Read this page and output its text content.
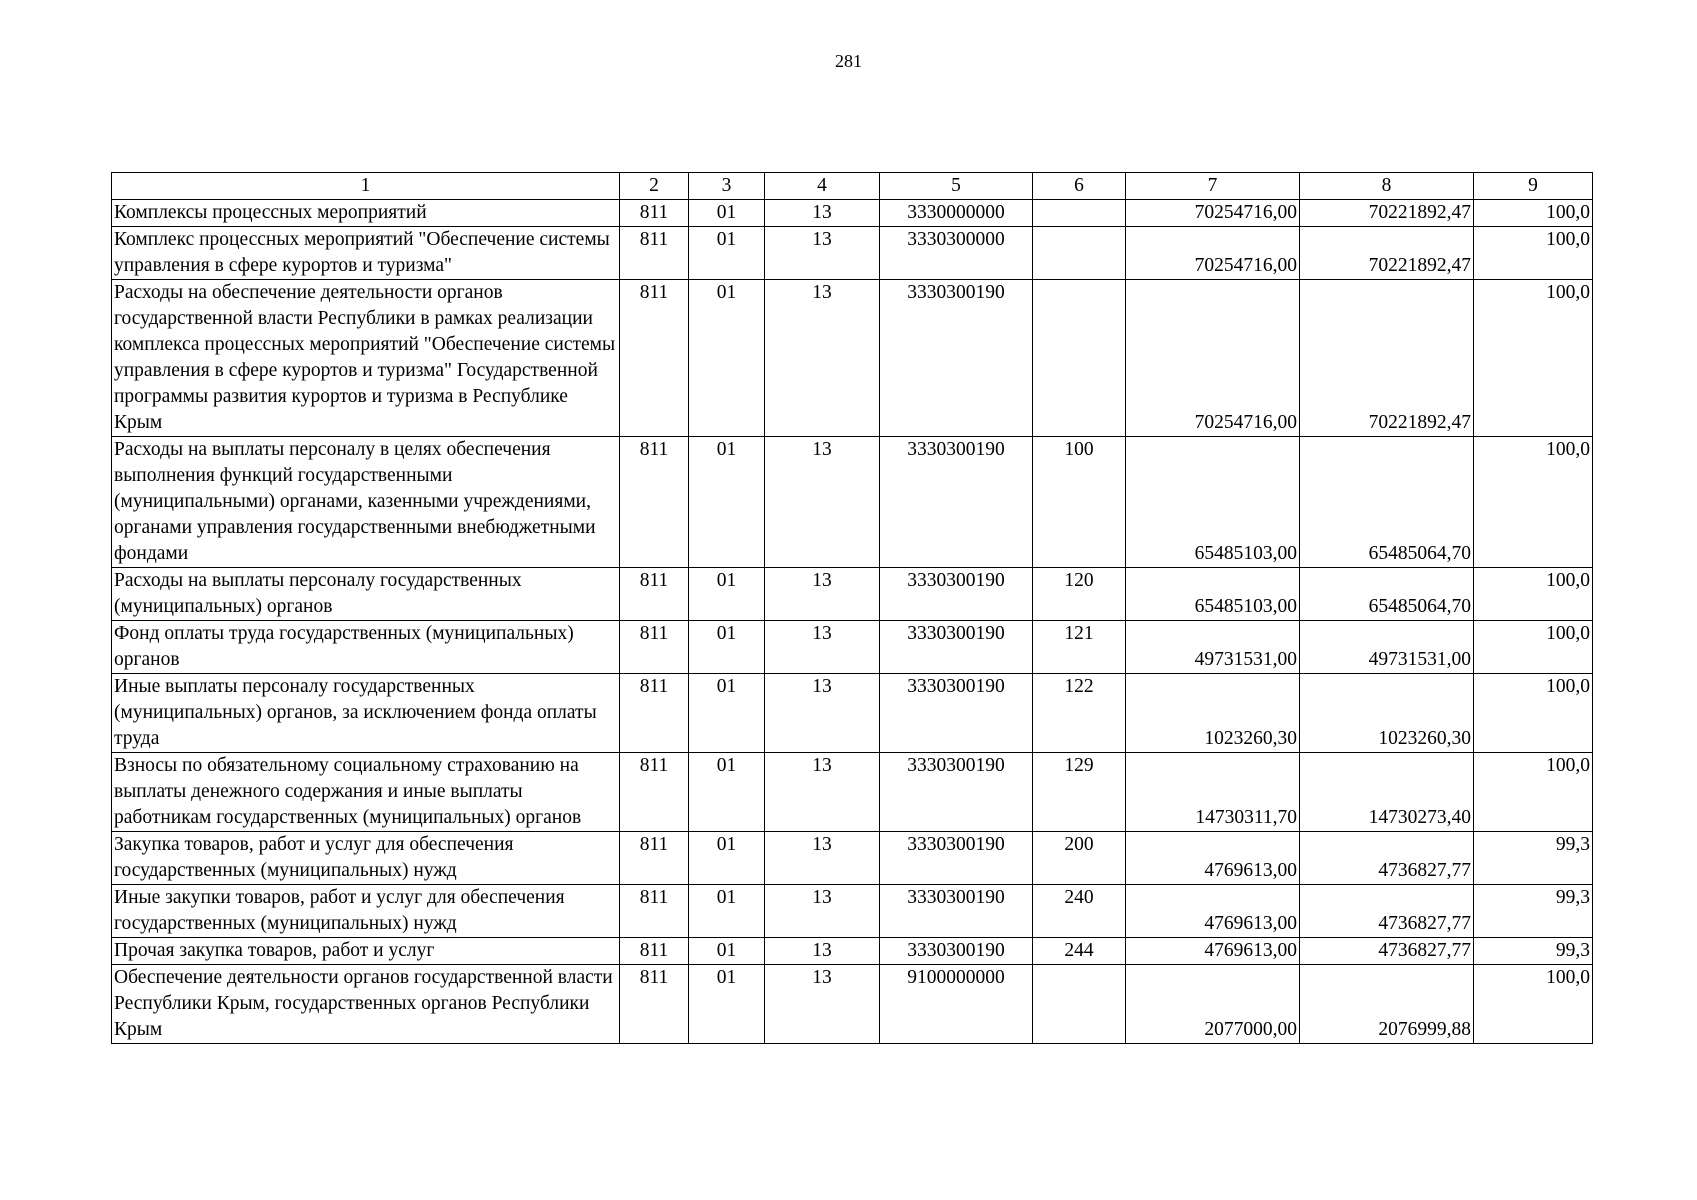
281
1	2	3	4	5	6	7	8	9
Комплексы процессных мероприятий	811	01	13	3330000000		70254716,00	70221892,47	100,0
Комплекс процессных мероприятий "Обеспечение системы управления в сфере курортов и туризма"	811	01	13	3330300000		70254716,00	70221892,47	100,0
Расходы на обеспечение деятельности органов государственной власти Республики в рамках реализации комплекса процессных мероприятий "Обеспечение системы управления в сфере курортов и туризма" Государственной программы развития курортов и туризма в Республике Крым	811	01	13	3330300190		70254716,00	70221892,47	100,0
Расходы на выплаты персоналу в целях обеспечения выполнения функций государственными (муниципальными) органами, казенными учреждениями, органами управления государственными внебюджетными фондами	811	01	13	3330300190	100	65485103,00	65485064,70	100,0
Расходы на выплаты персоналу государственных (муниципальных) органов	811	01	13	3330300190	120	65485103,00	65485064,70	100,0
Фонд оплаты труда государственных (муниципальных) органов	811	01	13	3330300190	121	49731531,00	49731531,00	100,0
Иные выплаты персоналу государственных (муниципальных) органов, за исключением фонда оплаты труда	811	01	13	3330300190	122	1023260,30	1023260,30	100,0
Взносы по обязательному социальному страхованию на выплаты денежного содержания и иные выплаты работникам государственных (муниципальных) органов	811	01	13	3330300190	129	14730311,70	14730273,40	100,0
Закупка товаров, работ и услуг для обеспечения государственных (муниципальных) нужд	811	01	13	3330300190	200	4769613,00	4736827,77	99,3
Иные закупки товаров, работ и услуг для обеспечения государственных (муниципальных) нужд	811	01	13	3330300190	240	4769613,00	4736827,77	99,3
Прочая закупка товаров, работ и услуг	811	01	13	3330300190	244	4769613,00	4736827,77	99,3
Обеспечение деятельности органов государственной власти Республики Крым, государственных органов Республики Крым	811	01	13	9100000000		2077000,00	2076999,88	100,0
